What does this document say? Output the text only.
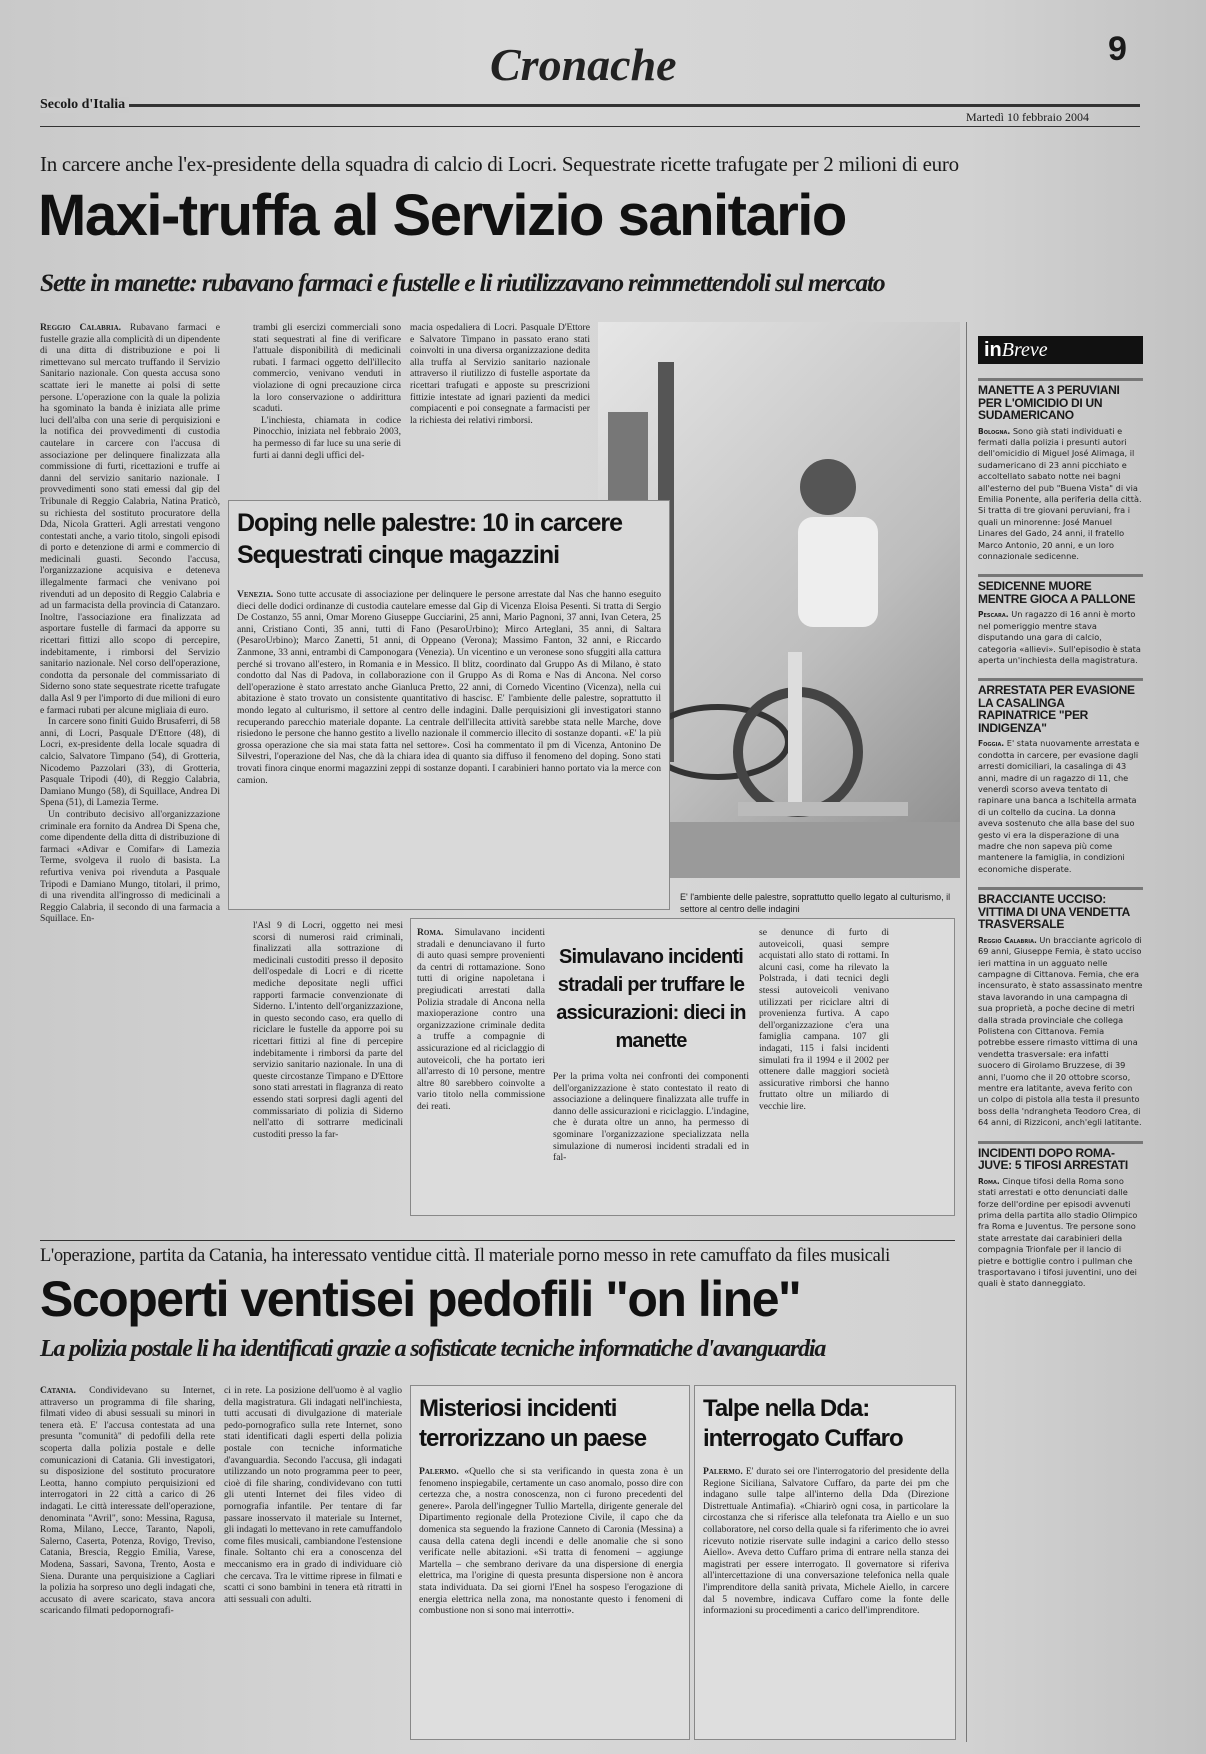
Cronache	9
Secolo d'Italia
Martedì 10 febbraio 2004
In carcere anche l'ex-presidente della squadra di calcio di Locri. Sequestrate ricette trafugate per 2 milioni di euro
Maxi-truffa al Servizio sanitario
Sette in manette: rubavano farmaci e fustelle e li riutilizzavano reimmettendoli sul mercato

Reggio Calabria. Rubavano farmaci e fustelle grazie alla complicità di un dipendente di una ditta di distribuzione e poi li rimettevano sul mercato truffando il Servizio Sanitario nazionale. Con questa accusa sono scattate ieri le manette ai polsi di sette persone. L'operazione con la quale la polizia ha sgominato la banda è iniziata alle prime luci dell'alba con una serie di perquisizioni e la notifica dei provvedimenti di custodia cautelare in carcere con l'accusa di associazione per delinquere finalizzata alla commissione di furti, ricettazioni e truffe ai danni del servizio sanitario nazionale. I provvedimenti sono stati emessi dal gip del Tribunale di Reggio Calabria, Natina Praticò, su richiesta del sostituto procuratore della Dda, Nicola Gratteri. Agli arrestati vengono contestati anche, a vario titolo, singoli episodi di porto e detenzione di armi e commercio di medicinali guasti. Secondo l'accusa, l'organizzazione acquisiva e deteneva illegalmente farmaci che venivano poi rivenduti ad un deposito di Reggio Calabria e ad un farmacista della provincia di Catanzaro. Inoltre, l'associazione era finalizzata ad asportare fustelle di farmaci da apporre su ricettari fittizi allo scopo di percepire, indebitamente, i rimborsi del Servizio sanitario nazionale. Nel corso dell'operazione, condotta da personale del commissariato di Siderno sono state sequestrate ricette trafugate dalla Asl 9 per l'importo di due milioni di euro e farmaci rubati per alcune migliaia di euro.

In carcere sono finiti Guido Brusaferri, di 58 anni, di Locri, Pasquale D'Ettore (48), di Locri, ex-presidente della locale squadra di calcio, Salvatore Timpano (54), di Grotteria, Nicodemo Pazzolari (33), di Grotteria, Pasquale Tripodi (40), di Reggio Calabria, Damiano Mungo (58), di Squillace, Andrea Di Spena (51), di Lamezia Terme.

Un contributo decisivo all'organizzazione criminale era fornito da Andrea Di Spena che, come dipendente della ditta di distribuzione di farmaci «Adivar e Comifar» di Lamezia Terme, svolgeva il ruolo di basista. La refurtiva veniva poi rivenduta a Pasquale Tripodi e Damiano Mungo, titolari, il primo, di una rivendita all'ingrosso di medicinali a Reggio Calabria, il secondo di una farmacia a Squillace. En-

trambi gli esercizi commerciali sono stati sequestrati al fine di verificare l'attuale disponibilità di medicinali rubati. I farmaci oggetto dell'illecito commercio, venivano venduti in violazione di ogni precauzione circa la loro conservazione o addirittura scaduti.

L'inchiesta, chiamata in codice Pinocchio, iniziata nel febbraio 2003, ha permesso di far luce su una serie di furti ai danni degli uffici del-

macia ospedaliera di Locri. Pasquale D'Ettore e Salvatore Timpano in passato erano stati coinvolti in una diversa organizzazione dedita alla truffa al Servizio sanitario nazionale attraverso il riutilizzo di fustelle asportate da ricettari trafugati e apposte su prescrizioni fittizie intestate ad ignari pazienti da medici compiacenti e poi consegnate a farmacisti per la richiesta dei relativi rimborsi.

E' l'ambiente delle palestre, soprattutto quello legato al culturismo, il settore al centro delle indagini
Doping nelle palestre: 10 in carcere
Sequestrati cinque magazzini

Venezia. Sono tutte accusate di associazione per delinquere le persone arrestate dal Nas che hanno eseguito dieci delle dodici ordinanze di custodia cautelare emesse dal Gip di Vicenza Eloisa Pesenti. Si tratta di Sergio De Costanzo, 55 anni, Omar Moreno Giuseppe Gucciarini, 25 anni, Mario Pagnoni, 37 anni, Ivan Cetera, 25 anni, Cristiano Conti, 35 anni, tutti di Fano (PesaroUrbino); Mirco Arteglani, 35 anni, di Saltara (PesaroUrbino); Marco Zanetti, 51 anni, di Oppeano (Verona); Massimo Fanton, 32 anni, e Riccardo Zanmone, 33 anni, entrambi di Camponogara (Venezia). Un vicentino e un veronese sono sfuggiti alla cattura perché si trovano all'estero, in Romania e in Messico. Il blitz, coordinato dal Gruppo As di Milano, è stato condotto dal Nas di Padova, in collaborazione con il Gruppo As di Roma e Nas di Ancona. Nel corso dell'operazione è stato arrestato anche Gianluca Pretto, 22 anni, di Cornedo Vicentino (Vicenza), nella cui abitazione è stato trovato un consistente quantitativo di hascisc. E' l'ambiente delle palestre, soprattutto il mondo legato al culturismo, il settore al centro delle indagini. Dalle perquisizioni gli investigatori stanno recuperando parecchio materiale dopante. La centrale dell'illecita attività sarebbe stata nelle Marche, dove risiedono le persone che hanno gestito a livello nazionale il commercio illecito di sostanze dopanti. «E' la più grossa operazione che sia mai stata fatta nel settore». Così ha commentato il pm di Vicenza, Antonino De Silvestri, l'operazione del Nas, che dà la chiara idea di quanto sia diffuso il fenomeno del doping. Sono stati trovati finora cinque enormi magazzini zeppi di sostanze dopanti. I carabinieri hanno portato via la merce con camion.

l'Asl 9 di Locri, oggetto nei mesi scorsi di numerosi raid criminali, finalizzati alla sottrazione di medicinali custoditi presso il deposito dell'ospedale di Locri e di ricette mediche depositate negli uffici rapporti farmacie convenzionate di Siderno. L'intento dell'organizzazione, in questo secondo caso, era quello di riciclare le fustelle da apporre poi su ricettari fittizi al fine di percepire indebitamente i rimborsi da parte del servizio sanitario nazionale. In una di queste circostanze Timpano e D'Ettore sono stati arrestati in flagranza di reato essendo stati sorpresi dagli agenti del commissariato di polizia di Siderno nell'atto di sottrarre medicinali custoditi presso la far-

Roma. Simulavano incidenti stradali e denunciavano il furto di auto quasi sempre provenienti da centri di rottamazione. Sono tutti di origine napoletana i pregiudicati arrestati dalla Polizia stradale di Ancona nella maxioperazione contro una organizzazione criminale dedita a truffe a compagnie di assicurazione ed al riciclaggio di autoveicoli, che ha portato ieri all'arresto di 10 persone, mentre altre 80 sarebbero coinvolte a vario titolo nella commissione dei reati.

Simulavano incidenti stradali per truffare le assicurazioni: dieci in manette

Per la prima volta nei confronti dei componenti dell'organizzazione è stato contestato il reato di associazione a delinquere finalizzata alle truffe in danno delle assicurazioni e riciclaggio. L'indagine, che è durata oltre un anno, ha permesso di sgominare l'organizzazione specializzata nella simulazione di numerosi incidenti stradali ed in fal-

se denunce di furto di autoveicoli, quasi sempre acquistati allo stato di rottami. In alcuni casi, come ha rilevato la Polstrada, i dati tecnici degli stessi autoveicoli venivano utilizzati per riciclare altri di provenienza furtiva. A capo dell'organizzazione c'era una famiglia campana. 107 gli indagati, 115 i falsi incidenti simulati fra il 1994 e il 2002 per ottenere dalle maggiori società assicurative rimborsi che hanno fruttato oltre un miliardo di vecchie lire.

L'operazione, partita da Catania, ha interessato ventidue città. Il materiale porno messo in rete camuffato da files musicali
Scoperti ventisei pedofili "on line"
La polizia postale li ha identificati grazie a sofisticate tecniche informatiche d'avanguardia

Catania. Condividevano su Internet, attraverso un programma di file sharing, filmati video di abusi sessuali su minori in tenera età. E' l'accusa contestata ad una presunta "comunità" di pedofili della rete scoperta dalla polizia postale e delle comunicazioni di Catania. Gli investigatori, su disposizione del sostituto procuratore Leotta, hanno compiuto perquisizioni ed interrogatori in 22 città a carico di 26 indagati. Le città interessate dell'operazione, denominata "Avril", sono: Messina, Ragusa, Roma, Milano, Lecce, Taranto, Napoli, Salerno, Caserta, Potenza, Rovigo, Treviso, Catania, Brescia, Reggio Emilia, Varese, Modena, Sassari, Savona, Trento, Aosta e Siena. Durante una perquisizione a Cagliari la polizia ha sorpreso uno degli indagati che, accusato di avere scaricato, stava ancora scaricando filmati pedopornografi-

ci in rete. La posizione dell'uomo è al vaglio della magistratura. Gli indagati nell'inchiesta, tutti accusati di divulgazione di materiale pedo-pornografico sulla rete Internet, sono stati identificati dagli esperti della polizia postale con tecniche informatiche d'avanguardia. Secondo l'accusa, gli indagati utilizzando un noto programma peer to peer, cioè di file sharing, condividevano con tutti gli utenti Internet dei files video di pornografia infantile. Per tentare di far passare inosservato il materiale su Internet, gli indagati lo mettevano in rete camuffandolo come files musicali, cambiandone l'estensione finale. Soltanto chi era a conoscenza del meccanismo era in grado di individuare ciò che cercava. Tra le vittime riprese in filmati e scatti ci sono bambini in tenera età ritratti in atti sessuali con adulti.

Misteriosi incidenti terrorizzano un paese

Palermo. «Quello che si sta verificando in questa zona è un fenomeno inspiegabile, certamente un caso anomalo, posso dire con certezza che, a nostra conoscenza, non ci furono precedenti del genere». Parola dell'ingegner Tullio Martella, dirigente generale del Dipartimento regionale della Protezione Civile, il capo che da domenica sta seguendo la frazione Canneto di Caronia (Messina) a causa della catena degli incendi e delle anomalie che si sono verificate nelle abitazioni. «Si tratta di fenomeni – aggiunge Martella – che sembrano derivare da una dispersione di energia elettrica, ma l'origine di questa presunta dispersione non è ancora stata individuata. Da sei giorni l'Enel ha sospeso l'erogazione di energia elettrica nella zona, ma nonostante questo i fenomeni di combustione non si sono mai interrotti».

Talpe nella Dda: interrogato Cuffaro

Palermo. E' durato sei ore l'interrogatorio del presidente della Regione Siciliana, Salvatore Cuffaro, da parte dei pm che indagano sulle talpe all'interno della Dda (Direzione Distrettuale Antimafia). «Chiarirò ogni cosa, in particolare la circostanza che si riferisce alla telefonata tra Aiello e un suo collaboratore, nel corso della quale si fa riferimento che io avrei ricevuto notizie riservate sulle indagini a carico dello stesso Aiello». Aveva detto Cuffaro prima di entrare nella stanza dei magistrati per essere interrogato. Il governatore si riferiva all'intercettazione di una conversazione telefonica nella quale l'imprenditore della sanità privata, Michele Aiello, in carcere dal 5 novembre, indicava Cuffaro come la fonte delle informazioni su procedimenti a carico dell'imprenditore.

inBreve
MANETTE A 3 PERUVIANI PER L'OMICIDIO DI UN SUDAMERICANO
Bologna. Sono già stati individuati e fermati dalla polizia i presunti autori dell'omicidio di Miguel José Alimaga, il sudamericano di 23 anni picchiato e accoltellato sabato notte nei bagni all'esterno del pub "Buena Vista" di via Emilia Ponente, alla periferia della città. Si tratta di tre giovani peruviani, fra i quali un minorenne: José Manuel Linares del Gado, 24 anni, il fratello Marco Antonio, 20 anni, e un loro connazionale sedicenne.
SEDICENNE MUORE MENTRE GIOCA A PALLONE
Pescara. Un ragazzo di 16 anni è morto nel pomeriggio mentre stava disputando una gara di calcio, categoria «allievi». Sull'episodio è stata aperta un'inchiesta della magistratura.
ARRESTATA PER EVASIONE LA CASALINGA RAPINATRICE "PER INDIGENZA"
Foggia. E' stata nuovamente arrestata e condotta in carcere, per evasione dagli arresti domiciliari, la casalinga di 43 anni, madre di un ragazzo di 11, che venerdì scorso aveva tentato di rapinare una banca a Ischitella armata di un coltello da cucina. La donna aveva sostenuto che alla base del suo gesto vi era la disperazione di una madre che non sapeva più come mantenere la famiglia, in condizioni economiche disperate.
BRACCIANTE UCCISO: VITTIMA DI UNA VENDETTA TRASVERSALE
Reggio Calabria. Un bracciante agricolo di 69 anni, Giuseppe Femia, è stato ucciso ieri mattina in un agguato nelle campagne di Cittanova. Femia, che era incensurato, è stato assassinato mentre stava lavorando in una campagna di sua proprietà, a poche decine di metri dalla strada provinciale che collega Polistena con Cittanova. Femia potrebbe essere rimasto vittima di una vendetta trasversale: era infatti suocero di Girolamo Bruzzese, di 39 anni, l'uomo che il 20 ottobre scorso, mentre era latitante, aveva ferito con un colpo di pistola alla testa il presunto boss della 'ndrangheta Teodoro Crea, di 64 anni, di Rizziconi, anch'egli latitante.
INCIDENTI DOPO ROMA-JUVE: 5 TIFOSI ARRESTATI
Roma. Cinque tifosi della Roma sono stati arrestati e otto denunciati dalle forze dell'ordine per episodi avvenuti prima della partita allo stadio Olimpico fra Roma e Juventus. Tre persone sono state arrestate dai carabinieri della compagnia Trionfale per il lancio di pietre e bottiglie contro i pullman che trasportavano i tifosi juventini, uno dei quali è stato danneggiato.
